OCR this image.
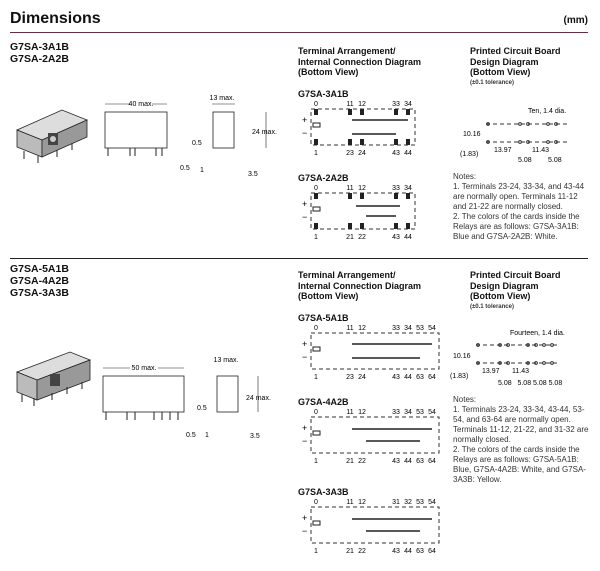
Dimensions	(mm)
G7SA-3A1B
G7SA-2A2B
40 max.
0.5
13 max.
24 max.
0.5
1
3.5
Terminal Arrangement/
Internal Connection Diagram
(Bottom View)
G7SA-3A1B
0	11 12	33 34
1	23 24	43 44
+
−
G7SA-2A2B
0	11 12	33 34
1	21 22	43 44
+
−
Printed Circuit Board
Design Diagram
(Bottom View)
(±0.1 tolerance)
Ten, 1.4 dia.
10.16
(1.83)
13.97	11.43
5.08 5.08

Notes:

1. Terminals 23-24, 33-34, and 43-44 are normally open. Terminals 11-12 and 21-22 are normally closed.

2. The colors of the cards inside the Relays are as follows: G7SA-3A1B: Blue and G7SA-2A2B: White.

G7SA-5A1B
G7SA-4A2B
G7SA-3A3B
50 max.
0.5 1
0.5
13 max.
24 max.
3.5
Terminal Arrangement/
Internal Connection Diagram
(Bottom View)
G7SA-5A1B
0	11 12	33 34 53 54
1	23 24	43 44 63 64
+
−
G7SA-4A2B
0	11 12	33 34 53 54
1	21 22	43 44 63 64
+
−
G7SA-3A3B
0	11 12	31 32 53 54
1	21 22	43 44 63 64
+
−
Printed Circuit Board
Design Diagram
(Bottom View)
(±0.1 tolerance)
Fourteen, 1.4 dia.
10.16
(1.83)
13.97 11.43
5.08   5.08 5.08 5.08

Notes:

1. Terminals 23-24, 33-34, 43-44, 53-54, and 63-64 are normally open. Terminals 11-12, 21-22, and 31-32 are normally closed.

2. The colors of the cards inside the Relays are as follows: G7SA-5A1B: Blue, G7SA-4A2B: White, and G7SA-3A3B: Yellow.
